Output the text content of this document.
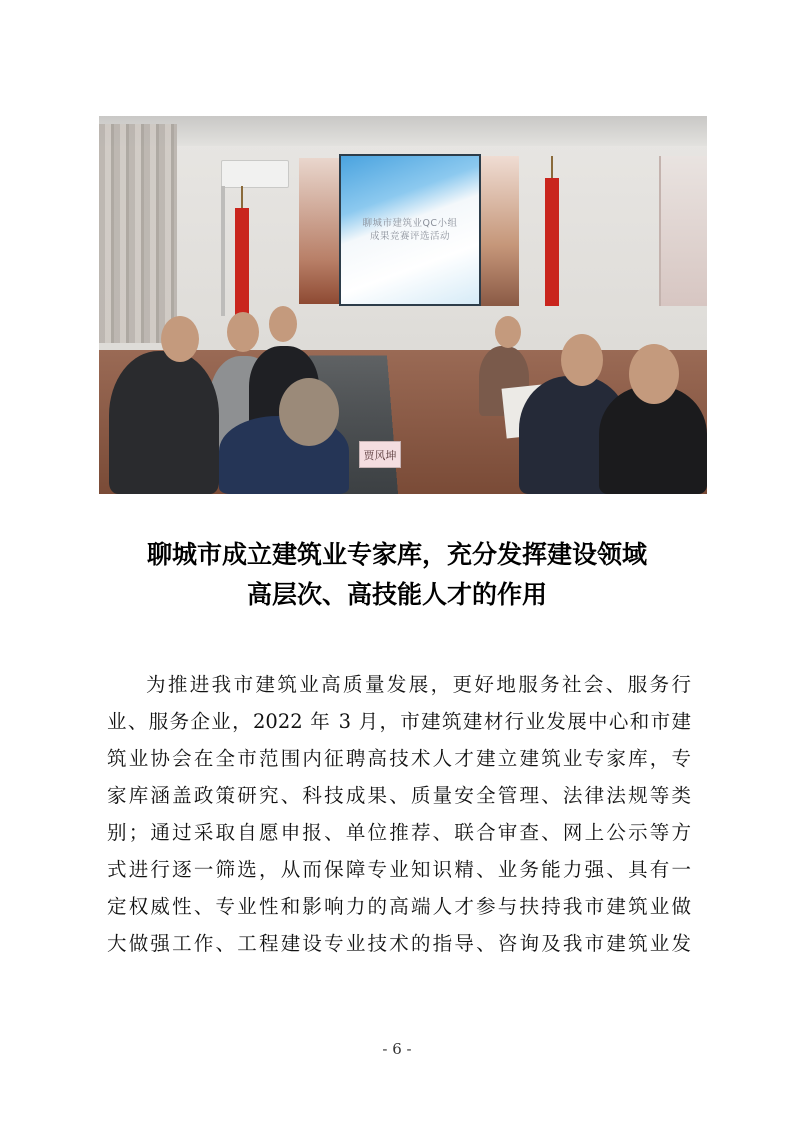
聊城市建筑业QC小组
成果竞赛评选活动
贾风坤
聊城市成立建筑业专家库，充分发挥建设领域
高层次、高技能人才的作用
为推进我市建筑业高质量发展，更好地服务社会、服务行
业、服务企业，2022 年 3 月，市建筑建材行业发展中心和市建
筑业协会在全市范围内征聘高技术人才建立建筑业专家库，专
家库涵盖政策研究、科技成果、质量安全管理、法律法规等类
别；通过采取自愿申报、单位推荐、联合审查、网上公示等方
式进行逐一筛选，从而保障专业知识精、业务能力强、具有一
定权威性、专业性和影响力的高端人才参与扶持我市建筑业做
大做强工作、工程建设专业技术的指导、咨询及我市建筑业发
- 6 -
